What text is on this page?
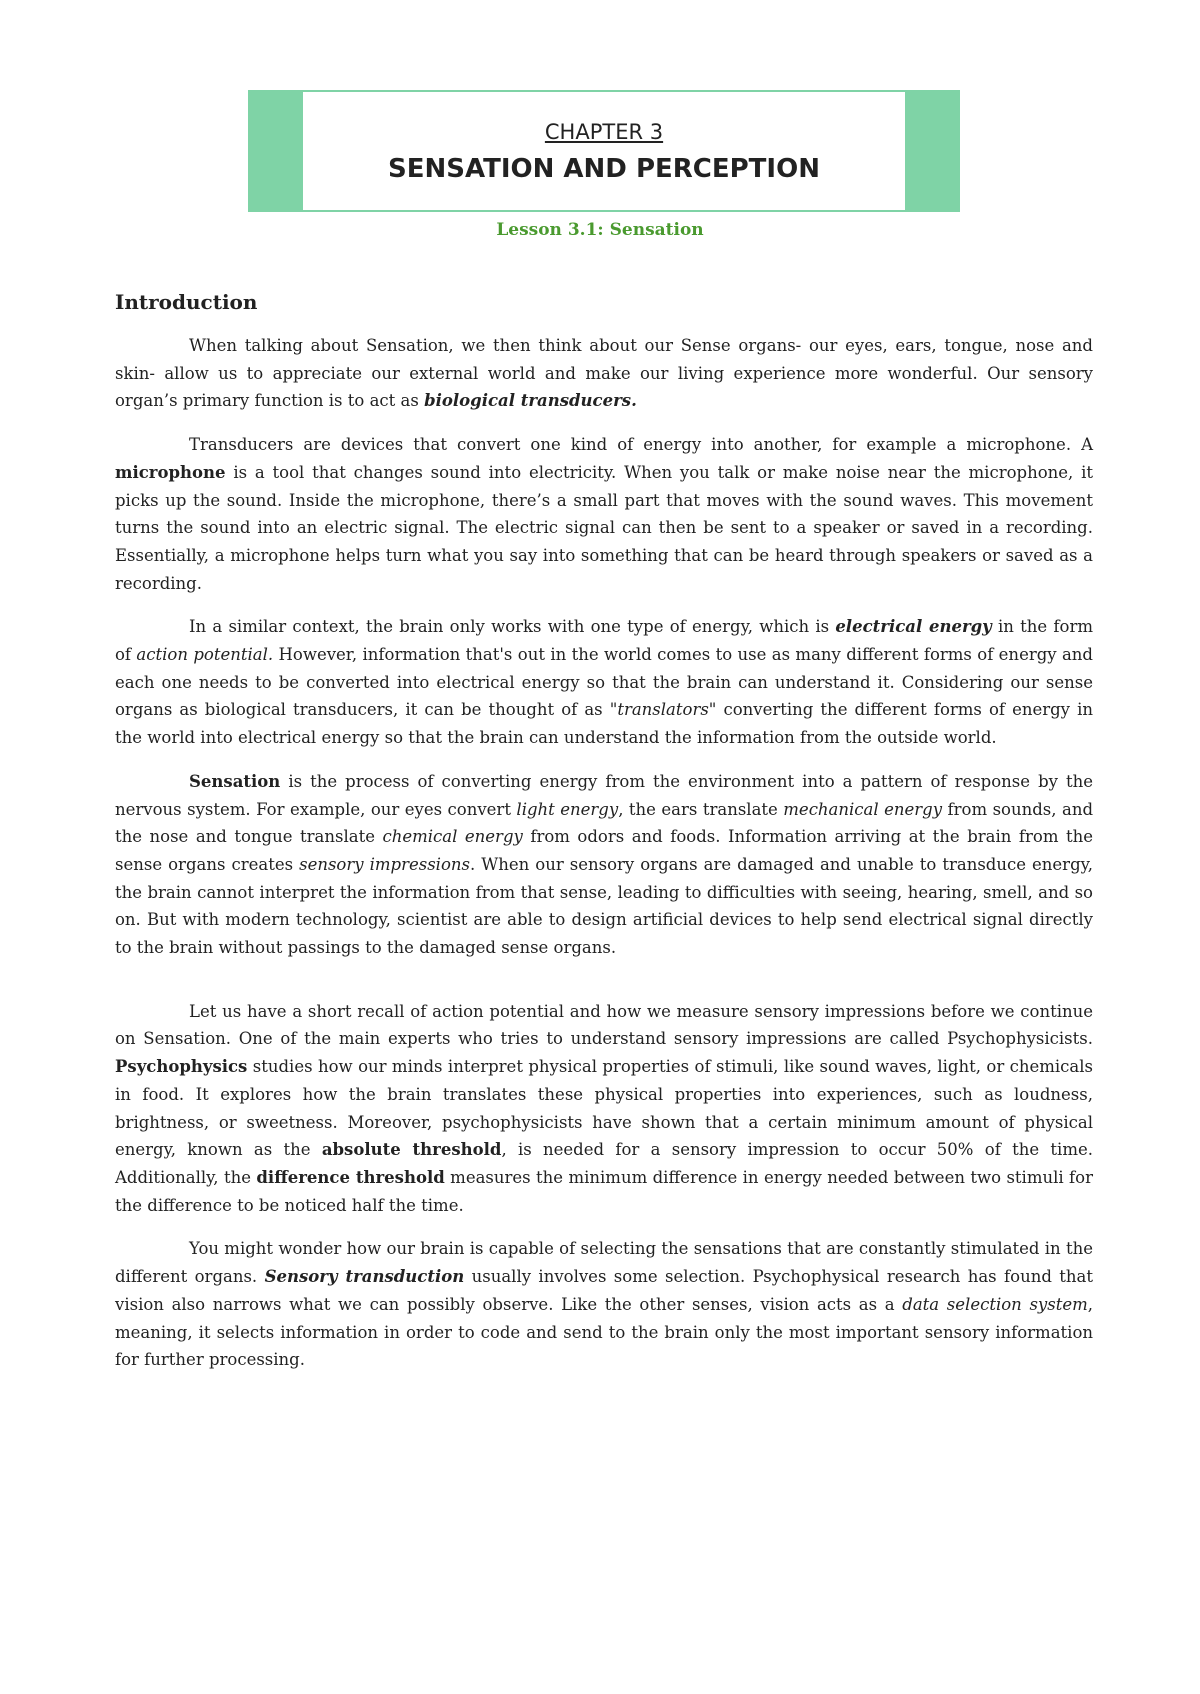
CHAPTER 3
SENSATION AND PERCEPTION
Lesson 3.1: Sensation
Introduction

When talking about Sensation, we then think about our Sense organs- our eyes, ears, tongue, nose and skin- allow us to appreciate our external world and make our living experience more wonderful. Our sensory organ’s primary function is to act as biological transducers.

Transducers are devices that convert one kind of energy into another, for example a microphone. A microphone is a tool that changes sound into electricity. When you talk or make noise near the microphone, it picks up the sound. Inside the microphone, there’s a small part that moves with the sound waves. This movement turns the sound into an electric signal. The electric signal can then be sent to a speaker or saved in a recording. Essentially, a microphone helps turn what you say into something that can be heard through speakers or saved as a recording.

In a similar context, the brain only works with one type of energy, which is electrical energy in the form of action potential. However, information that's out in the world comes to use as many different forms of energy and each one needs to be converted into electrical energy so that the brain can understand it. Considering our sense organs as biological transducers, it can be thought of as "translators" converting the different forms of energy in the world into electrical energy so that the brain can understand the information from the outside world.

Sensation is the process of converting energy from the environment into a pattern of response by the nervous system. For example, our eyes convert light energy, the ears translate mechanical energy from sounds, and the nose and tongue translate chemical energy from odors and foods. Information arriving at the brain from the sense organs creates sensory impressions. When our sensory organs are damaged and unable to transduce energy, the brain cannot interpret the information from that sense, leading to difficulties with seeing, hearing, smell, and so on. But with modern technology, scientist are able to design artificial devices to help send electrical signal directly to the brain without passings to the damaged sense organs.

Let us have a short recall of action potential and how we measure sensory impressions before we continue on Sensation. One of the main experts who tries to understand sensory impressions are called Psychophysicists. Psychophysics studies how our minds interpret physical properties of stimuli, like sound waves, light, or chemicals in food. It explores how the brain translates these physical properties into experiences, such as loudness, brightness, or sweetness. Moreover, psychophysicists have shown that a certain minimum amount of physical energy, known as the absolute threshold, is needed for a sensory impression to occur 50% of the time. Additionally, the difference threshold measures the minimum difference in energy needed between two stimuli for the difference to be noticed half the time.

You might wonder how our brain is capable of selecting the sensations that are constantly stimulated in the different organs. Sensory transduction usually involves some selection. Psychophysical research has found that vision also narrows what we can possibly observe. Like the other senses, vision acts as a data selection system, meaning, it selects information in order to code and send to the brain only the most important sensory information for further processing.
